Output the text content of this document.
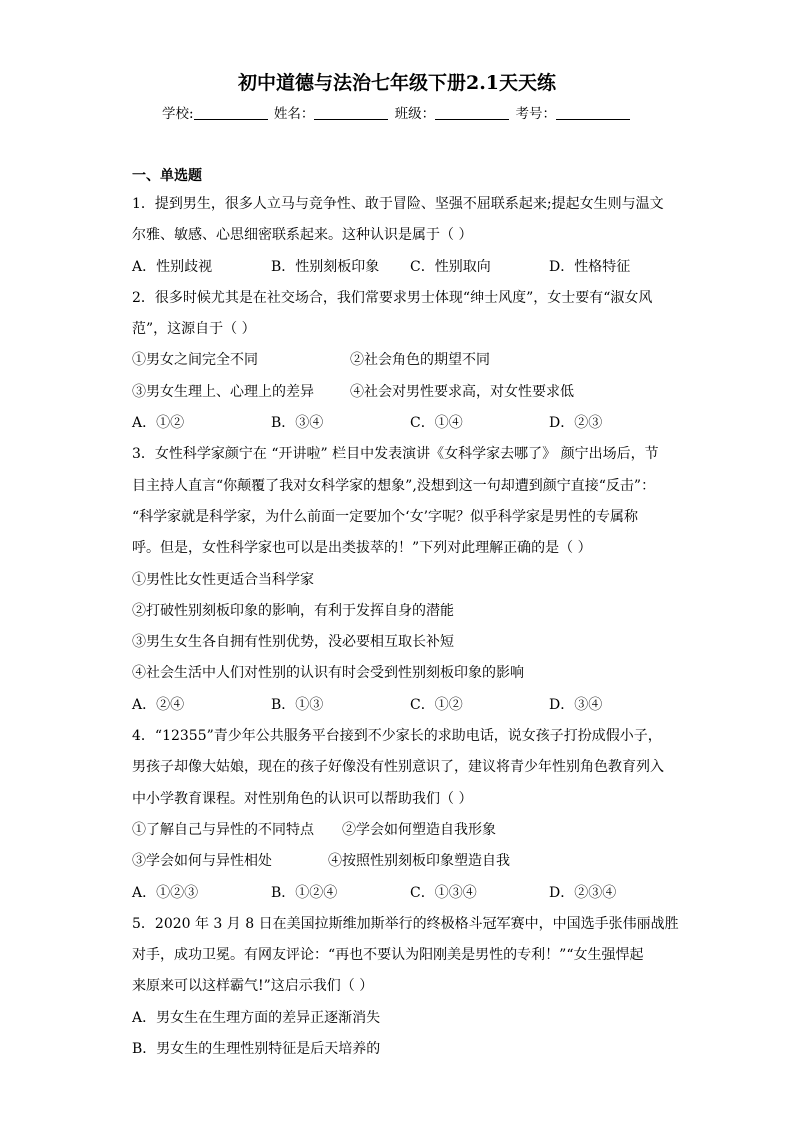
初中道德与法治七年级下册2.1天天练
学校:	姓名：	班级：	考号：
一、单选题
1．提到男生，很多人立马与竞争性、敢于冒险、坚强不屈联系起来;提起女生则与温文
尔雅、敏感、心思细密联系起来。这种认识是属于（ ）
A．性别歧视	B．性别刻板印象	C．性别取向	D．性格特征
2．很多时候尤其是在社交场合，我们常要求男士体现“绅士风度”，女士要有“淑女风
范”，这源自于（ ）
①男女之间完全不同	②社会角色的期望不同
③男女生理上、心理上的差异	④社会对男性要求高，对女性要求低
A．①②	B．③④	C．①④	D．②③
3．女性科学家颜宁在 “开讲啦” 栏目中发表演讲《女科学家去哪了》 颜宁出场后，节
目主持人直言“你颠覆了我对女科学家的想象”,没想到这一句却遭到颜宁直接“反击”：
“科学家就是科学家，为什么前面一定要加个‘女’字呢？似乎科学家是男性的专属称
呼。但是，女性科学家也可以是出类拔萃的！”下列对此理解正确的是（ ）
①男性比女性更适合当科学家
②打破性别刻板印象的影响，有利于发挥自身的潜能
③男生女生各自拥有性别优势，没必要相互取长补短
④社会生活中人们对性别的认识有时会受到性别刻板印象的影响
A．②④	B．①③	C．①②	D．③④
4．“12355”青少年公共服务平台接到不少家长的求助电话，说女孩子打扮成假小子，
男孩子却像大姑娘，现在的孩子好像没有性别意识了，建议将青少年性别角色教育列入
中小学教育课程。对性别角色的认识可以帮助我们（ ）
①了解自己与异性的不同特点	②学会如何塑造自我形象
③学会如何与异性相处	④按照性别刻板印象塑造自我
A．①②③	B．①②④	C．①③④	D．②③④
5．2020 年 3 月 8 日在美国拉斯维加斯举行的终极格斗冠军赛中，中国选手张伟丽战胜
对手，成功卫冕。有网友评论：“再也不要认为阳刚美是男性的专利！”“女生强悍起
来原来可以这样霸气!”这启示我们（ ）
A．男女生在生理方面的差异正逐渐消失
B．男女生的生理性别特征是后天培养的
